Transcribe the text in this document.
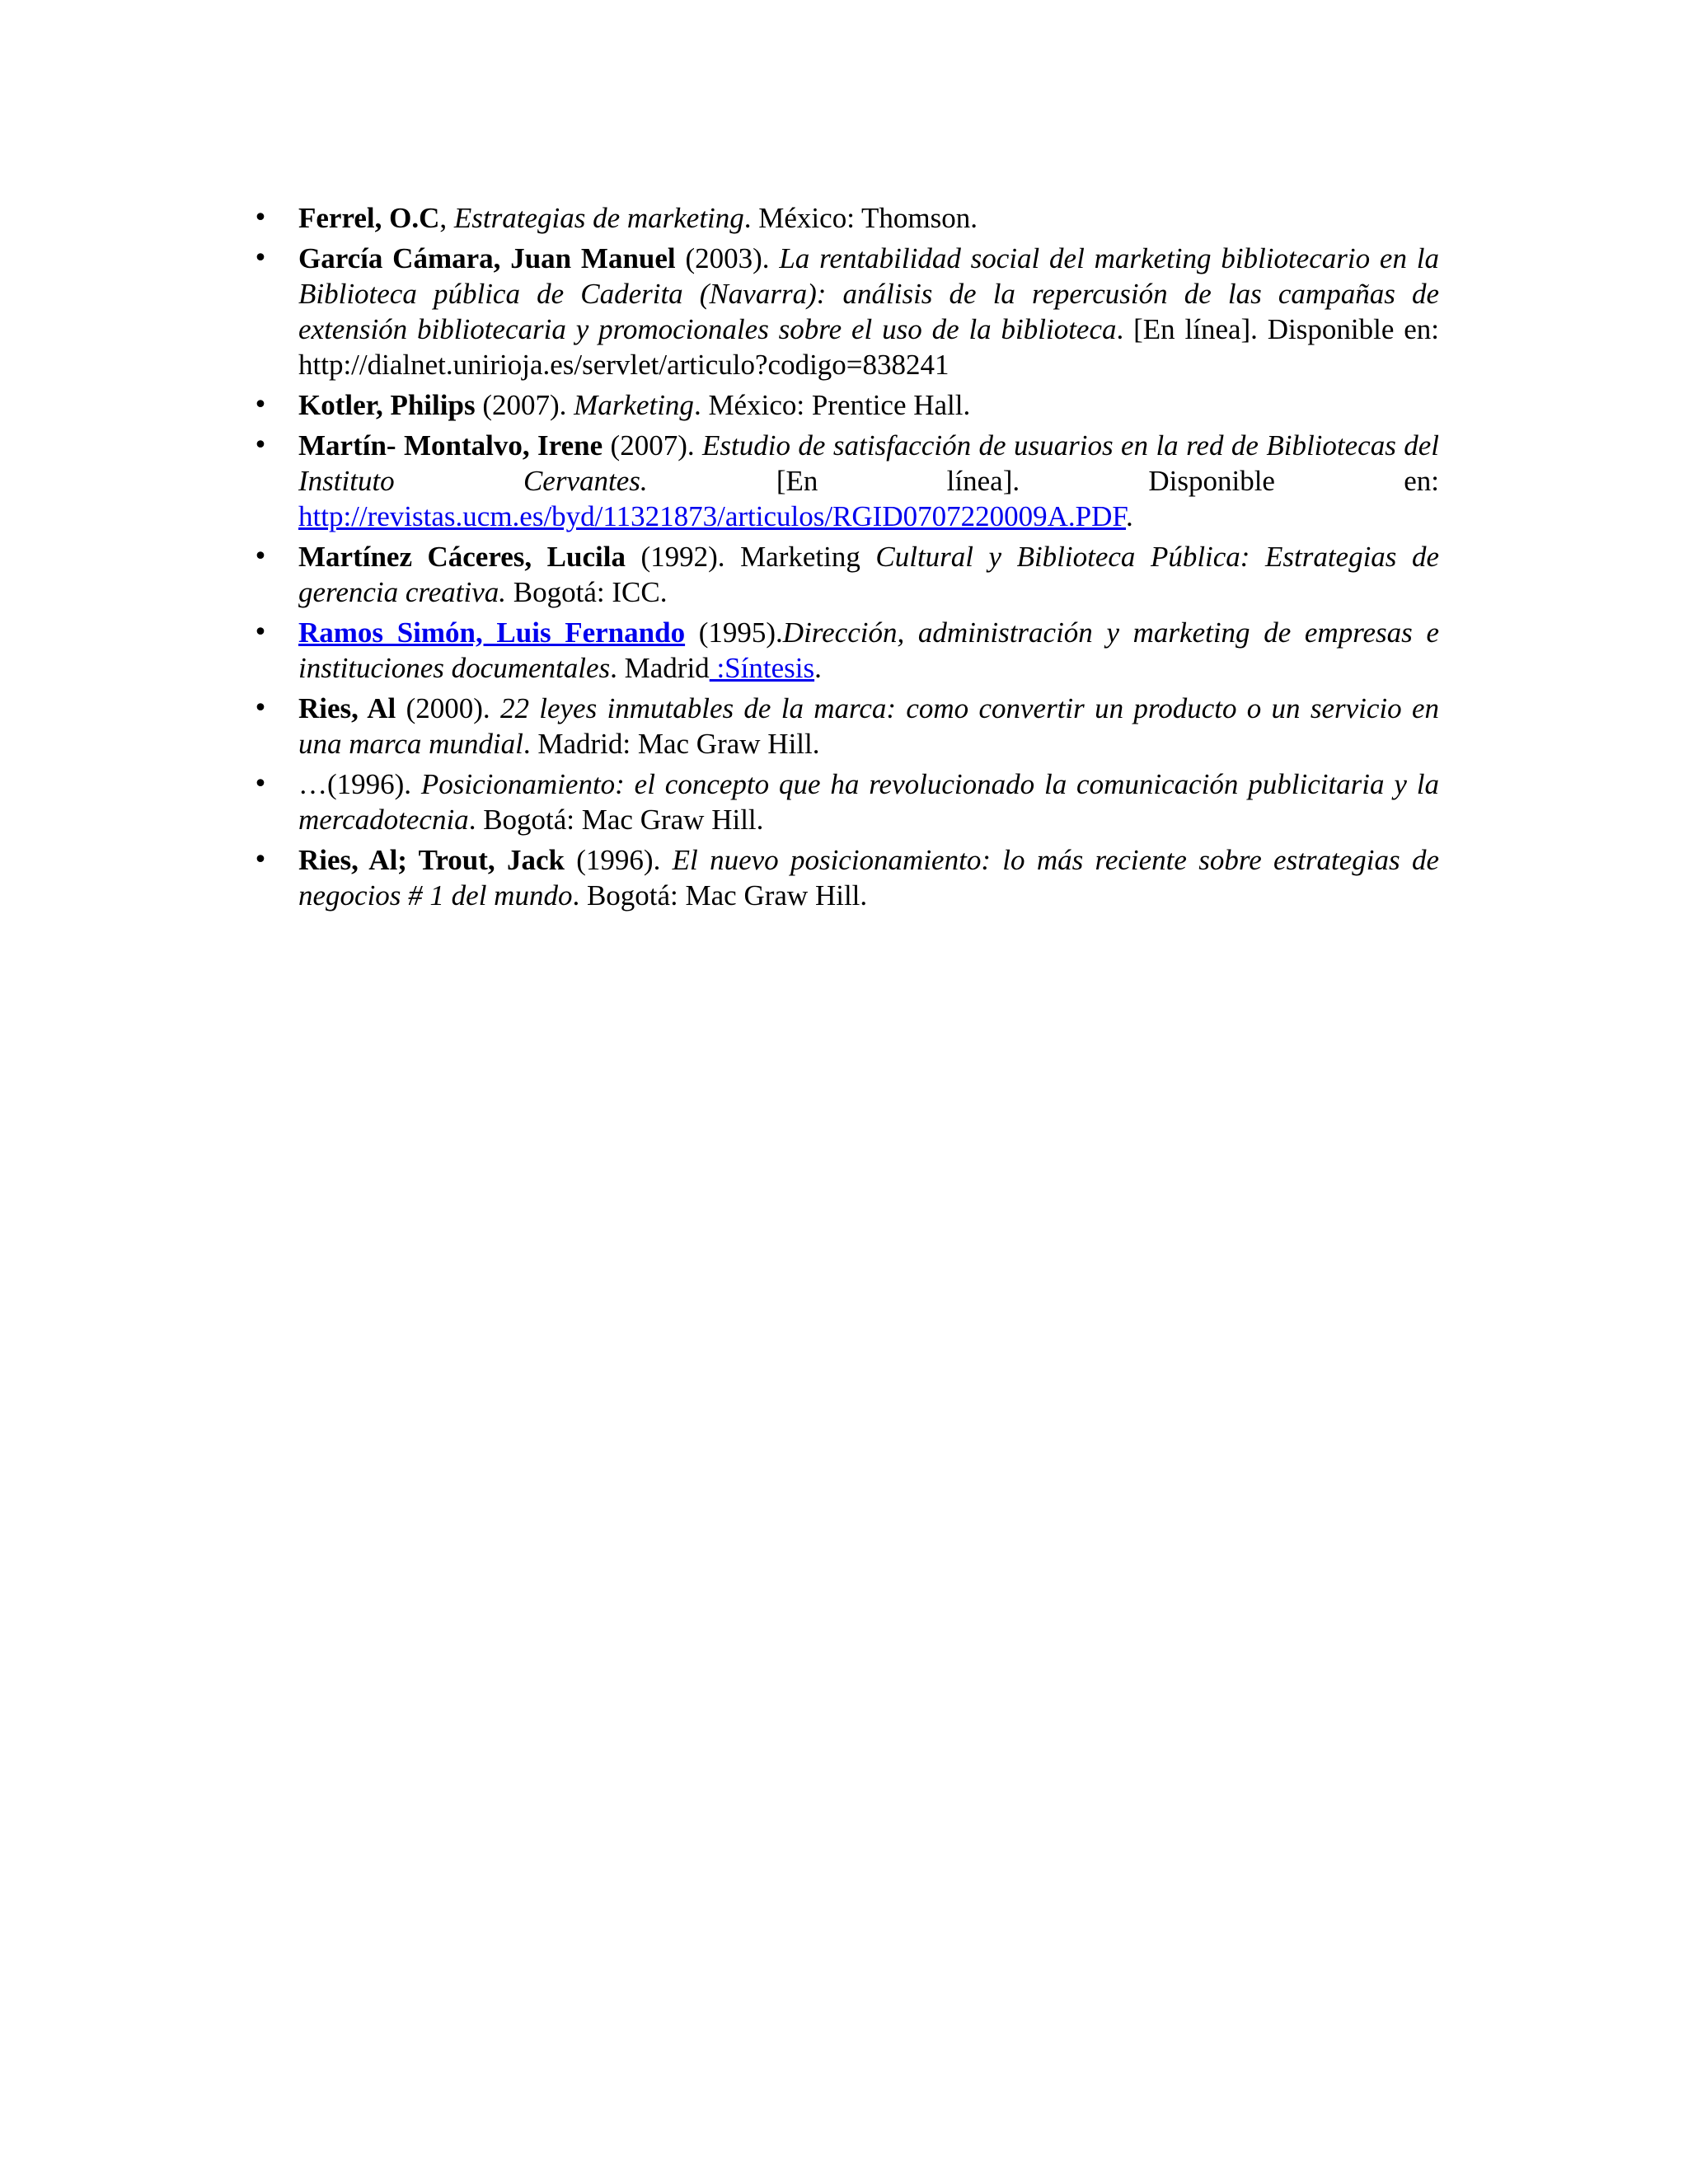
• Ferrel, O.C, Estrategias de marketing. México: Thomson.
• García Cámara, Juan Manuel (2003). La rentabilidad social del marketing bibliotecario en la Biblioteca pública de Caderita (Navarra): análisis de la repercusión de las campañas de extensión bibliotecaria y promocionales sobre el uso de la biblioteca. [En línea]. Disponible en: http://dialnet.unirioja.es/servlet/articulo?codigo=838241
• Kotler, Philips (2007). Marketing. México: Prentice Hall.
• Martín- Montalvo, Irene (2007). Estudio de satisfacción de usuarios en la red de Bibliotecas del Instituto Cervantes. [En línea]. Disponible en: http://revistas.ucm.es/byd/11321873/articulos/RGID0707220009A.PDF.
• Martínez Cáceres, Lucila (1992). Marketing Cultural y Biblioteca Pública: Estrategias de gerencia creativa. Bogotá: ICC.
• Ramos Simón, Luis Fernando (1995).Dirección, administración y marketing de empresas e instituciones documentales. Madrid :Síntesis.
• Ries, Al (2000). 22 leyes inmutables de la marca: como convertir un producto o un servicio en una marca mundial. Madrid: Mac Graw Hill.
• …(1996). Posicionamiento: el concepto que ha revolucionado la comunicación publicitaria y la mercadotecnia. Bogotá: Mac Graw Hill.
• Ries, Al; Trout, Jack (1996). El nuevo posicionamiento: lo más reciente sobre estrategias de negocios # 1 del mundo. Bogotá: Mac Graw Hill.
